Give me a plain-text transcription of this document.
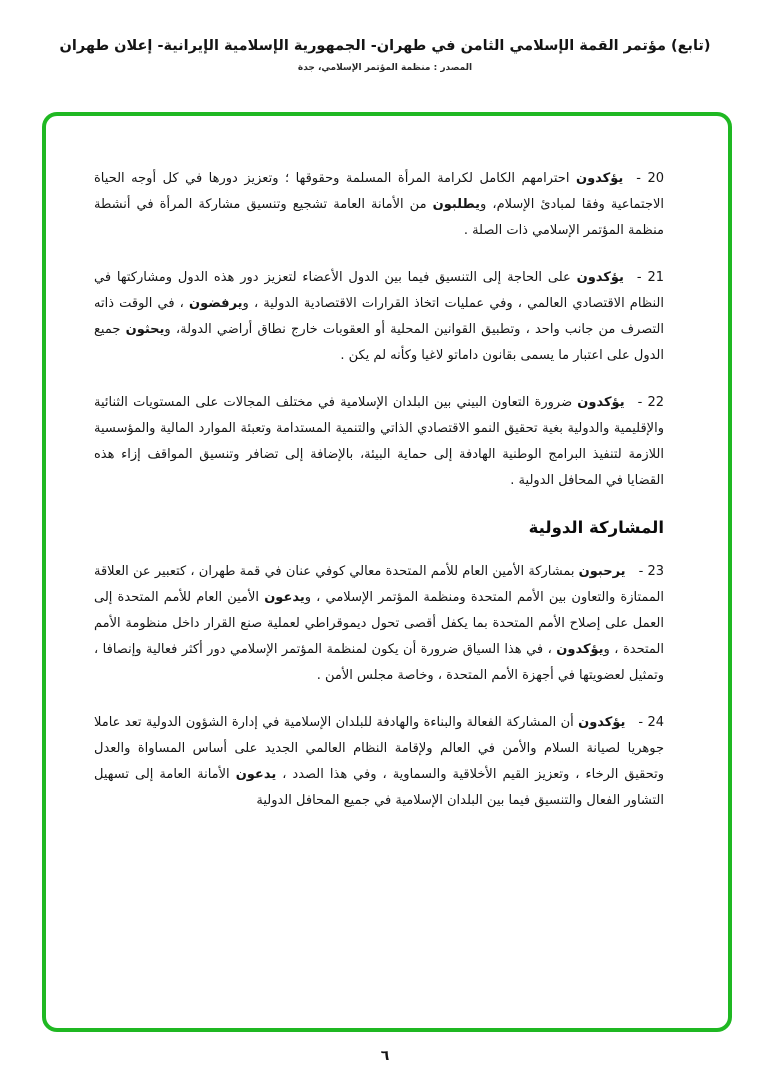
(تابع) مؤتمر القمة الإسلامي الثامن في طهران- الجمهورية الإسلامية الإيرانية- إعلان طهران
المصدر : منظمة المؤتمر الإسلامي، جدة
20 -يؤكدون احترامهم الكامل لكرامة المرأة المسلمة وحقوقها ؛ وتعزيز دورها في كل أوجه الحياة الاجتماعية وفقا لمبادئ الإسلام، ويطلبون من الأمانة العامة تشجيع وتنسيق مشاركة المرأة في أنشطة منظمة المؤتمر الإسلامي ذات الصلة .
21 -يؤكدون على الحاجة إلى التنسيق فيما بين الدول الأعضاء لتعزيز دور هذه الدول ومشاركتها في النظام الاقتصادي العالمي ، وفي عمليات اتخاذ القرارات الاقتصادية الدولية ، ويرفضون ، في الوقت ذاته التصرف من جانب واحد ، وتطبيق القوانين المحلية أو العقوبات خارج نطاق أراضي الدولة، ويحثون جميع الدول على اعتبار ما يسمى بقانون داماتو لاغيا وكأنه لم يكن .
22 -يؤكدون ضرورة التعاون البيني بين البلدان الإسلامية في مختلف المجالات على المستويات الثنائية والإقليمية والدولية بغية تحقيق النمو الاقتصادي الذاتي والتنمية المستدامة وتعبئة الموارد المالية والمؤسسية اللازمة لتنفيذ البرامج الوطنية الهادفة إلى حماية البيئة، بالإضافة إلى تضافر وتنسيق المواقف إزاء هذه القضايا في المحافل الدولية .
المشاركة الدولية
23 -يرحبون بمشاركة الأمين العام للأمم المتحدة معالي كوفي عنان في قمة طهران ، كتعبير عن العلاقة الممتازة والتعاون بين الأمم المتحدة ومنظمة المؤتمر الإسلامي ، ويدعون الأمين العام للأمم المتحدة إلى العمل على إصلاح الأمم المتحدة بما يكفل أقصى تحول ديموقراطي لعملية صنع القرار داخل منظومة الأمم المتحدة ، ويؤكدون ، في هذا السياق ضرورة أن يكون لمنظمة المؤتمر الإسلامي دور أكثر فعالية وإنصافا ، وتمثيل لعضويتها في أجهزة الأمم المتحدة ، وخاصة مجلس الأمن .
24 -يؤكدون أن المشاركة الفعالة والبناءة والهادفة للبلدان الإسلامية في إدارة الشؤون الدولية تعد عاملا جوهريا لصيانة السلام والأمن في العالم ولإقامة النظام العالمي الجديد على أساس المساواة والعدل وتحقيق الرخاء ، وتعزيز القيم الأخلاقية والسماوية ، وفي هذا الصدد ، يدعون الأمانة العامة إلى تسهيل التشاور الفعال والتنسيق فيما بين البلدان الإسلامية في جميع المحافل الدولية
٦
